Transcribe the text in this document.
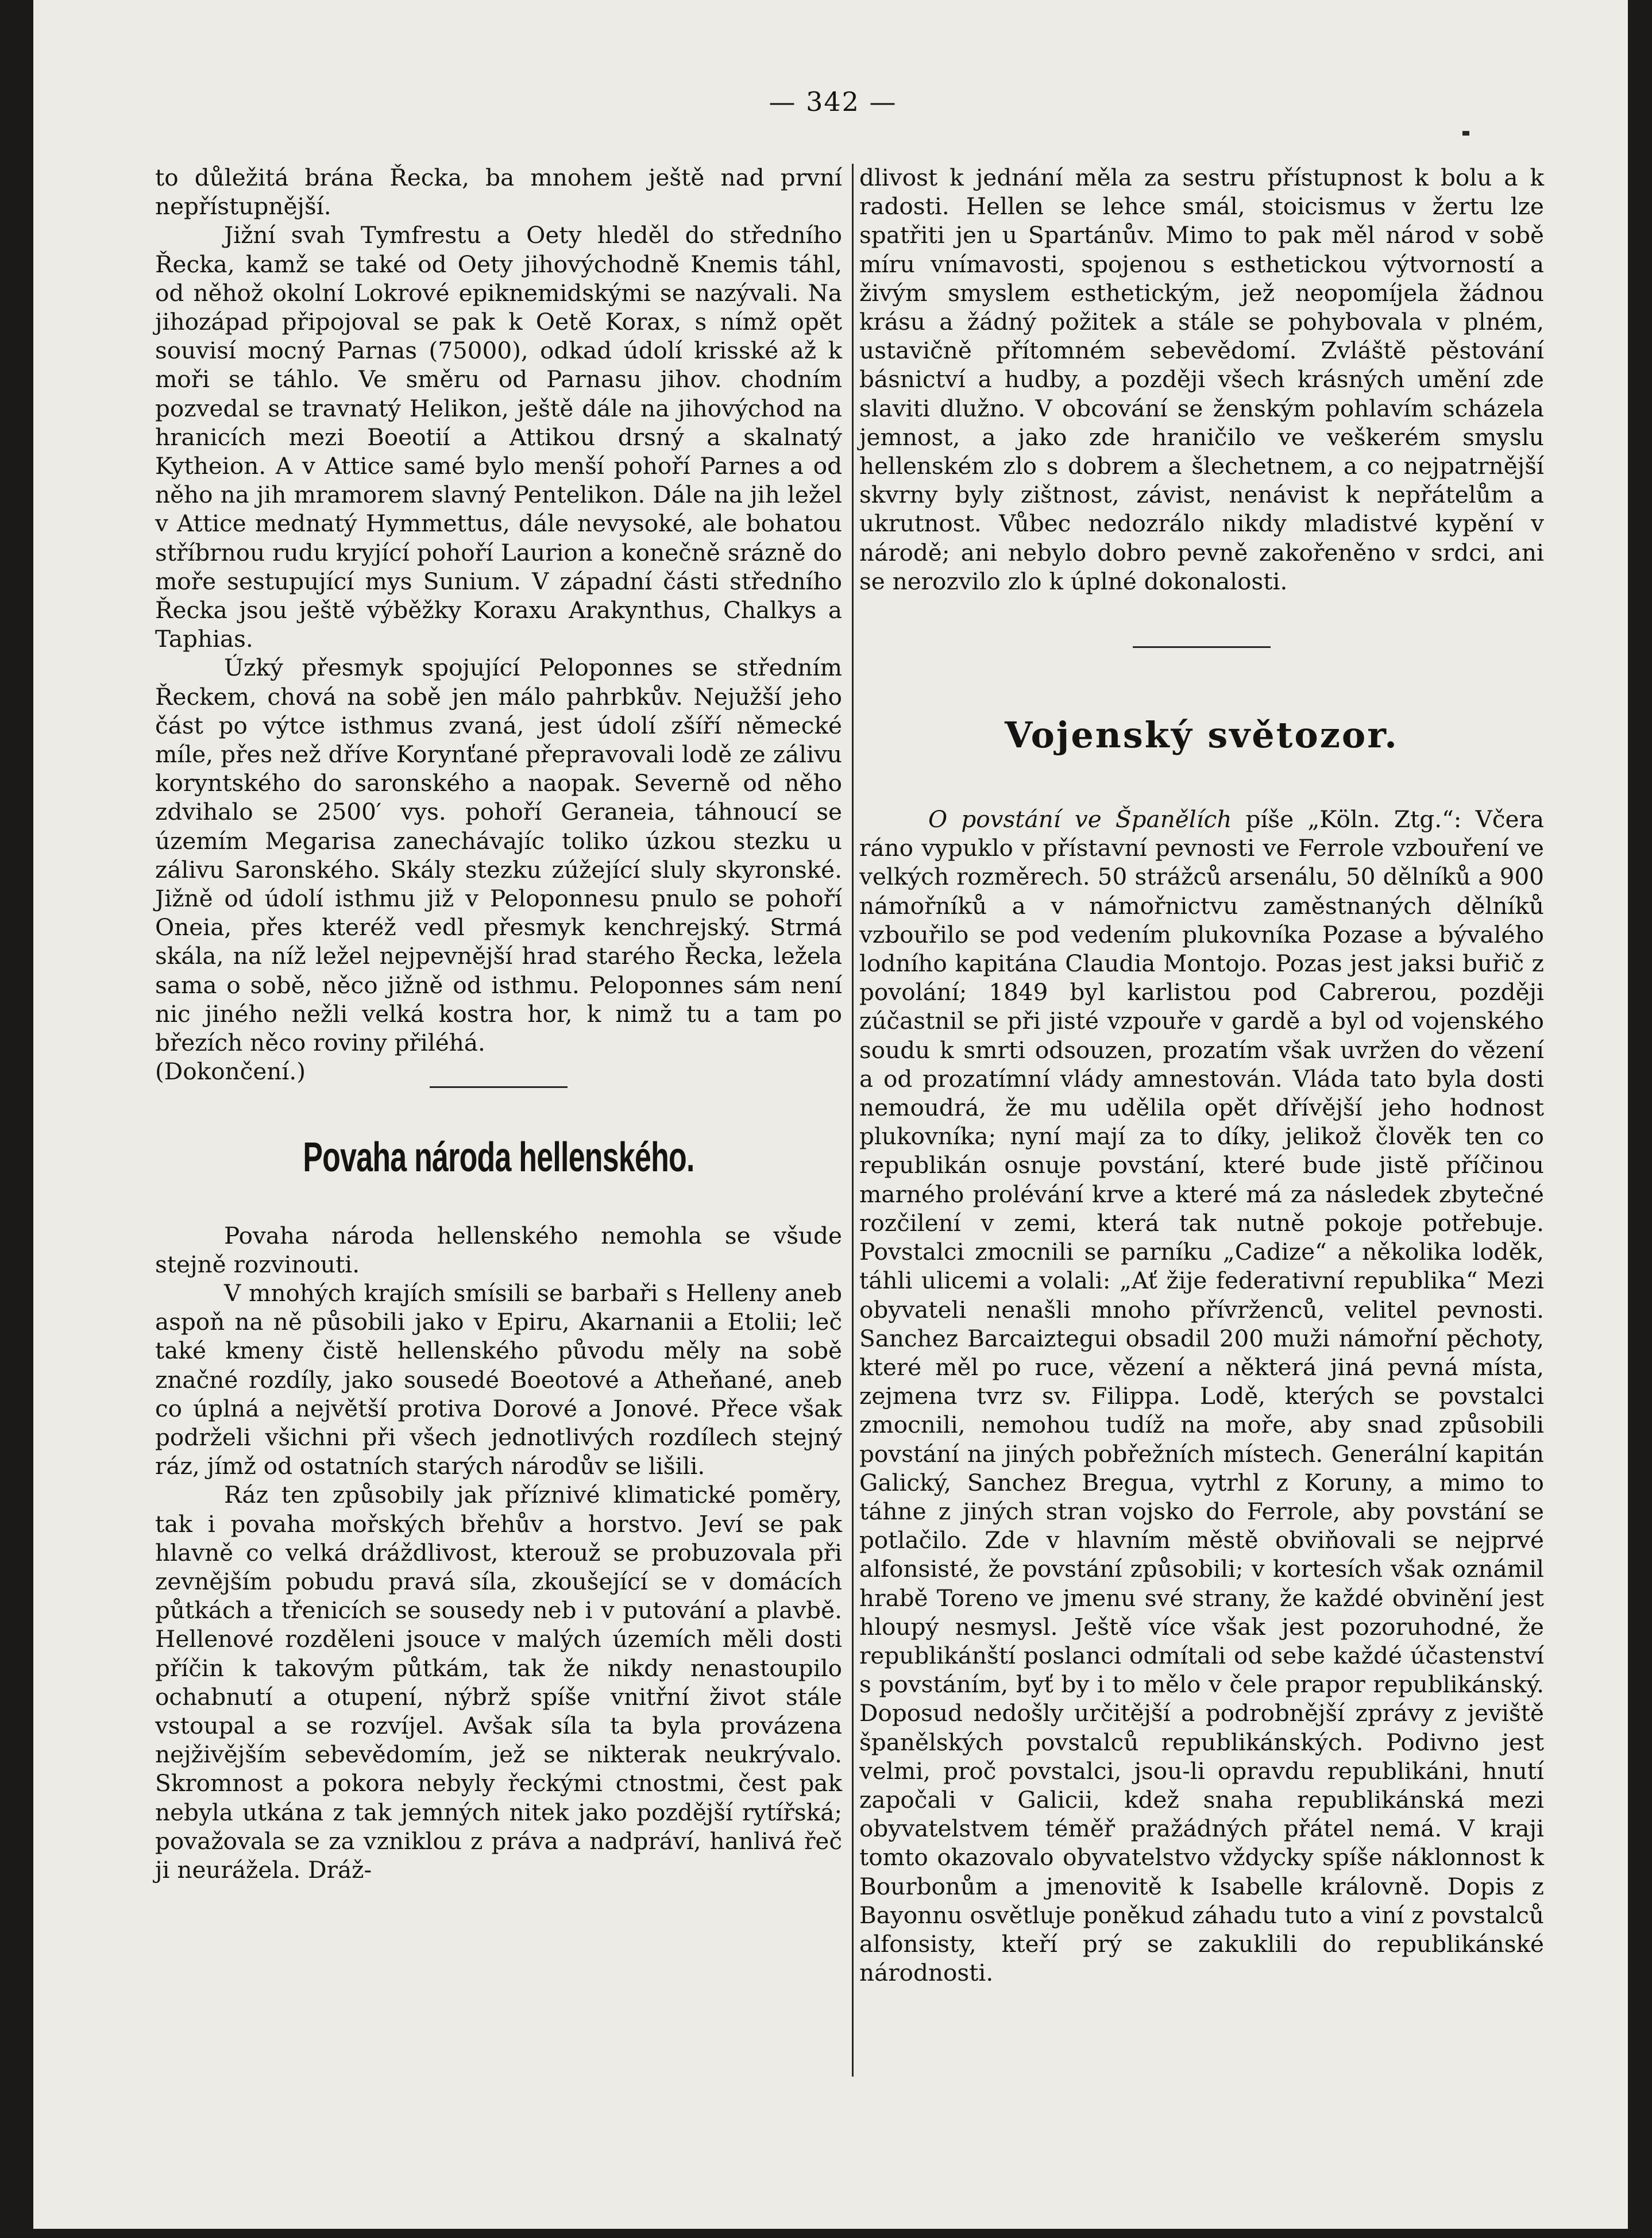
— 342 —

to důležitá brána Řecka, ba mnohem ještě nad první nepřístupnější.

Jižní svah Tymfrestu a Oety hleděl do středního Řecka, kamž se také od Oety jihovýchodně Knemis táhl, od něhož okolní Lokrové epiknemidskými se nazývali. Na jihozápad připojoval se pak k Oetě Korax, s nímž opět souvisí mocný Parnas (75000), odkad údolí krisské až k moři se táhlo. Ve směru od Parnasu jihov. chodním pozvedal se travnatý Helikon, ještě dále na jihovýchod na hranicích mezi Boeotií a Attikou drsný a skalnatý Kytheion. A v Attice samé bylo menší pohoří Parnes a od něho na jih mramorem slavný Pentelikon. Dále na jih ležel v Attice mednatý Hymmettus, dále nevysoké, ale bohatou stříbrnou rudu kryjící pohoří Laurion a konečně srázně do moře sestupující mys Sunium. V západní části středního Řecka jsou ještě výběžky Koraxu Arakynthus, Chalkys a Taphias.

Úzký přesmyk spojující Peloponnes se středním Řeckem, chová na sobě jen málo pahrbkův. Nejužší jeho část po výtce isthmus zvaná, jest údolí zšíří německé míle, přes než dříve Korynťané přepravovali lodě ze zálivu koryntského do saronského a naopak. Severně od něho zdvihalo se 2500′ vys. pohoří Geraneia, táhnoucí se územím Megarisa zanechávajíc toliko úzkou stezku u zálivu Saronského. Skály stezku zúžející sluly skyronské. Jižně od údolí isthmu již v Peloponnesu pnulo se pohoří Oneia, přes kteréž vedl přesmyk kenchrejský. Strmá skála, na níž ležel nejpevnější hrad starého Řecka, ležela sama o sobě, něco jižně od isthmu. Peloponnes sám není nic jiného nežli velká kostra hor, k nimž tu a tam po březích něco roviny přiléhá.

(Dokončení.)

Povaha národa hellenského.

Povaha národa hellenského nemohla se všude stejně rozvinouti.

V mnohých krajích smísili se barbaři s Helleny aneb aspoň na ně působili jako v Epiru, Akarnanii a Etolii; leč také kmeny čistě hellenského původu měly na sobě značné rozdíly, jako sousedé Boeotové a Atheňané, aneb co úplná a největší protiva Dorové a Jonové. Přece však podrželi všichni při všech jednotlivých rozdílech stejný ráz, jímž od ostatních starých národův se lišili.

Ráz ten způsobily jak příznivé klimatické poměry, tak i povaha mořských břehův a horstvo. Jeví se pak hlavně co velká dráždlivost, kterouž se probuzovala při zevnějším pobudu pravá síla, zkoušející se v domácích půtkách a třenicích se sousedy neb i v putování a plavbě. Hellenové rozděleni jsouce v malých územích měli dosti příčin k takovým půtkám, tak že nikdy nenastoupilo ochabnutí a otupení, nýbrž spíše vnitřní život stále vstoupal a se rozvíjel. Avšak síla ta byla provázena nejživějším sebevědomím, jež se nikterak neukrývalo. Skromnost a pokora nebyly řeckými ctnostmi, čest pak nebyla utkána z tak jemných nitek jako pozdější rytířská; považovala se za vzniklou z práva a nadpráví, hanlivá řeč ji neurážela. Dráž-

dlivost k jednání měla za sestru přístupnost k bolu a k radosti. Hellen se lehce smál, stoicismus v žertu lze spatřiti jen u Spartánův. Mimo to pak měl národ v sobě míru vnímavosti, spojenou s esthetickou výtvorností a živým smyslem esthetickým, jež neopomíjela žádnou krásu a žádný požitek a stále se pohybovala v plném, ustavičně přítomném sebevědomí. Zvláště pěstování básnictví a hudby, a později všech krásných umění zde slaviti dlužno. V obcování se ženským pohlavím scházela jemnost, a jako zde hraničilo ve veškerém smyslu hellenském zlo s dobrem a šlechetnem, a co nejpatrnější skvrny byly zištnost, závist, nenávist k nepřátelům a ukrutnost. Vůbec nedozrálo nikdy mladistvé kypění v národě; ani nebylo dobro pevně zakořeněno v srdci, ani se nerozvilo zlo k úplné dokonalosti.

Vojenský světozor.

O povstání ve Španělích píše „Köln. Ztg.“: Včera ráno vypuklo v přístavní pevnosti ve Ferrole vzbouření ve velkých rozměrech. 50 strážců arsenálu, 50 dělníků a 900 námořníků a v námořnictvu zaměstnaných dělníků vzbouřilo se pod vedením plukovníka Pozase a bývalého lodního kapitána Claudia Montojo. Pozas jest jaksi buřič z povolání; 1849 byl karlistou pod Cabrerou, později zúčastnil se při jisté vzpouře v gardě a byl od vojenského soudu k smrti odsouzen, prozatím však uvržen do vězení a od prozatímní vlády amnestován. Vláda tato byla dosti nemoudrá, že mu udělila opět dřívější jeho hodnost plukovníka; nyní mají za to díky, jelikož člověk ten co republikán osnuje povstání, které bude jistě příčinou marného prolévání krve a které má za následek zbytečné rozčilení v zemi, která tak nutně pokoje potřebuje. Povstalci zmocnili se parníku „Cadize“ a několika loděk, táhli ulicemi a volali: „Ať žije federativní republika“ Mezi obyvateli nenašli mnoho přívrženců, velitel pevnosti. Sanchez Barcaiztegui obsadil 200 muži námořní pěchoty, které měl po ruce, vězení a některá jiná pevná místa, zejmena tvrz sv. Filippa. Lodě, kterých se povstalci zmocnili, nemohou tudíž na moře, aby snad způsobili povstání na jiných pobřežních místech. Generální kapitán Galický, Sanchez Bregua, vytrhl z Koruny, a mimo to táhne z jiných stran vojsko do Ferrole, aby povstání se potlačilo. Zde v hlavním městě obviňovali se nejprvé alfonsisté, že povstání způsobili; v kortesích však oznámil hrabě Toreno ve jmenu své strany, že každé obvinění jest hloupý nesmysl. Ještě více však jest pozoruhodné, že republikánští poslanci odmítali od sebe každé účastenství s povstáním, byť by i to mělo v čele prapor republikánský. Doposud nedošly určitější a podrobnější zprávy z jeviště španělských povstalců republikánských. Podivno jest velmi, proč povstalci, jsou-li opravdu republikáni, hnutí započali v Galicii, kdež snaha republikánská mezi obyvatelstvem téměř pražádných přátel nemá. V kraji tomto okazovalo obyvatelstvo vždycky spíše náklonnost k Bourbonům a jmenovitě k Isabelle královně. Dopis z Bayonnu osvětluje poněkud záhadu tuto a viní z povstalců alfonsisty, kteří prý se zakuklili do republikánské národnosti.
